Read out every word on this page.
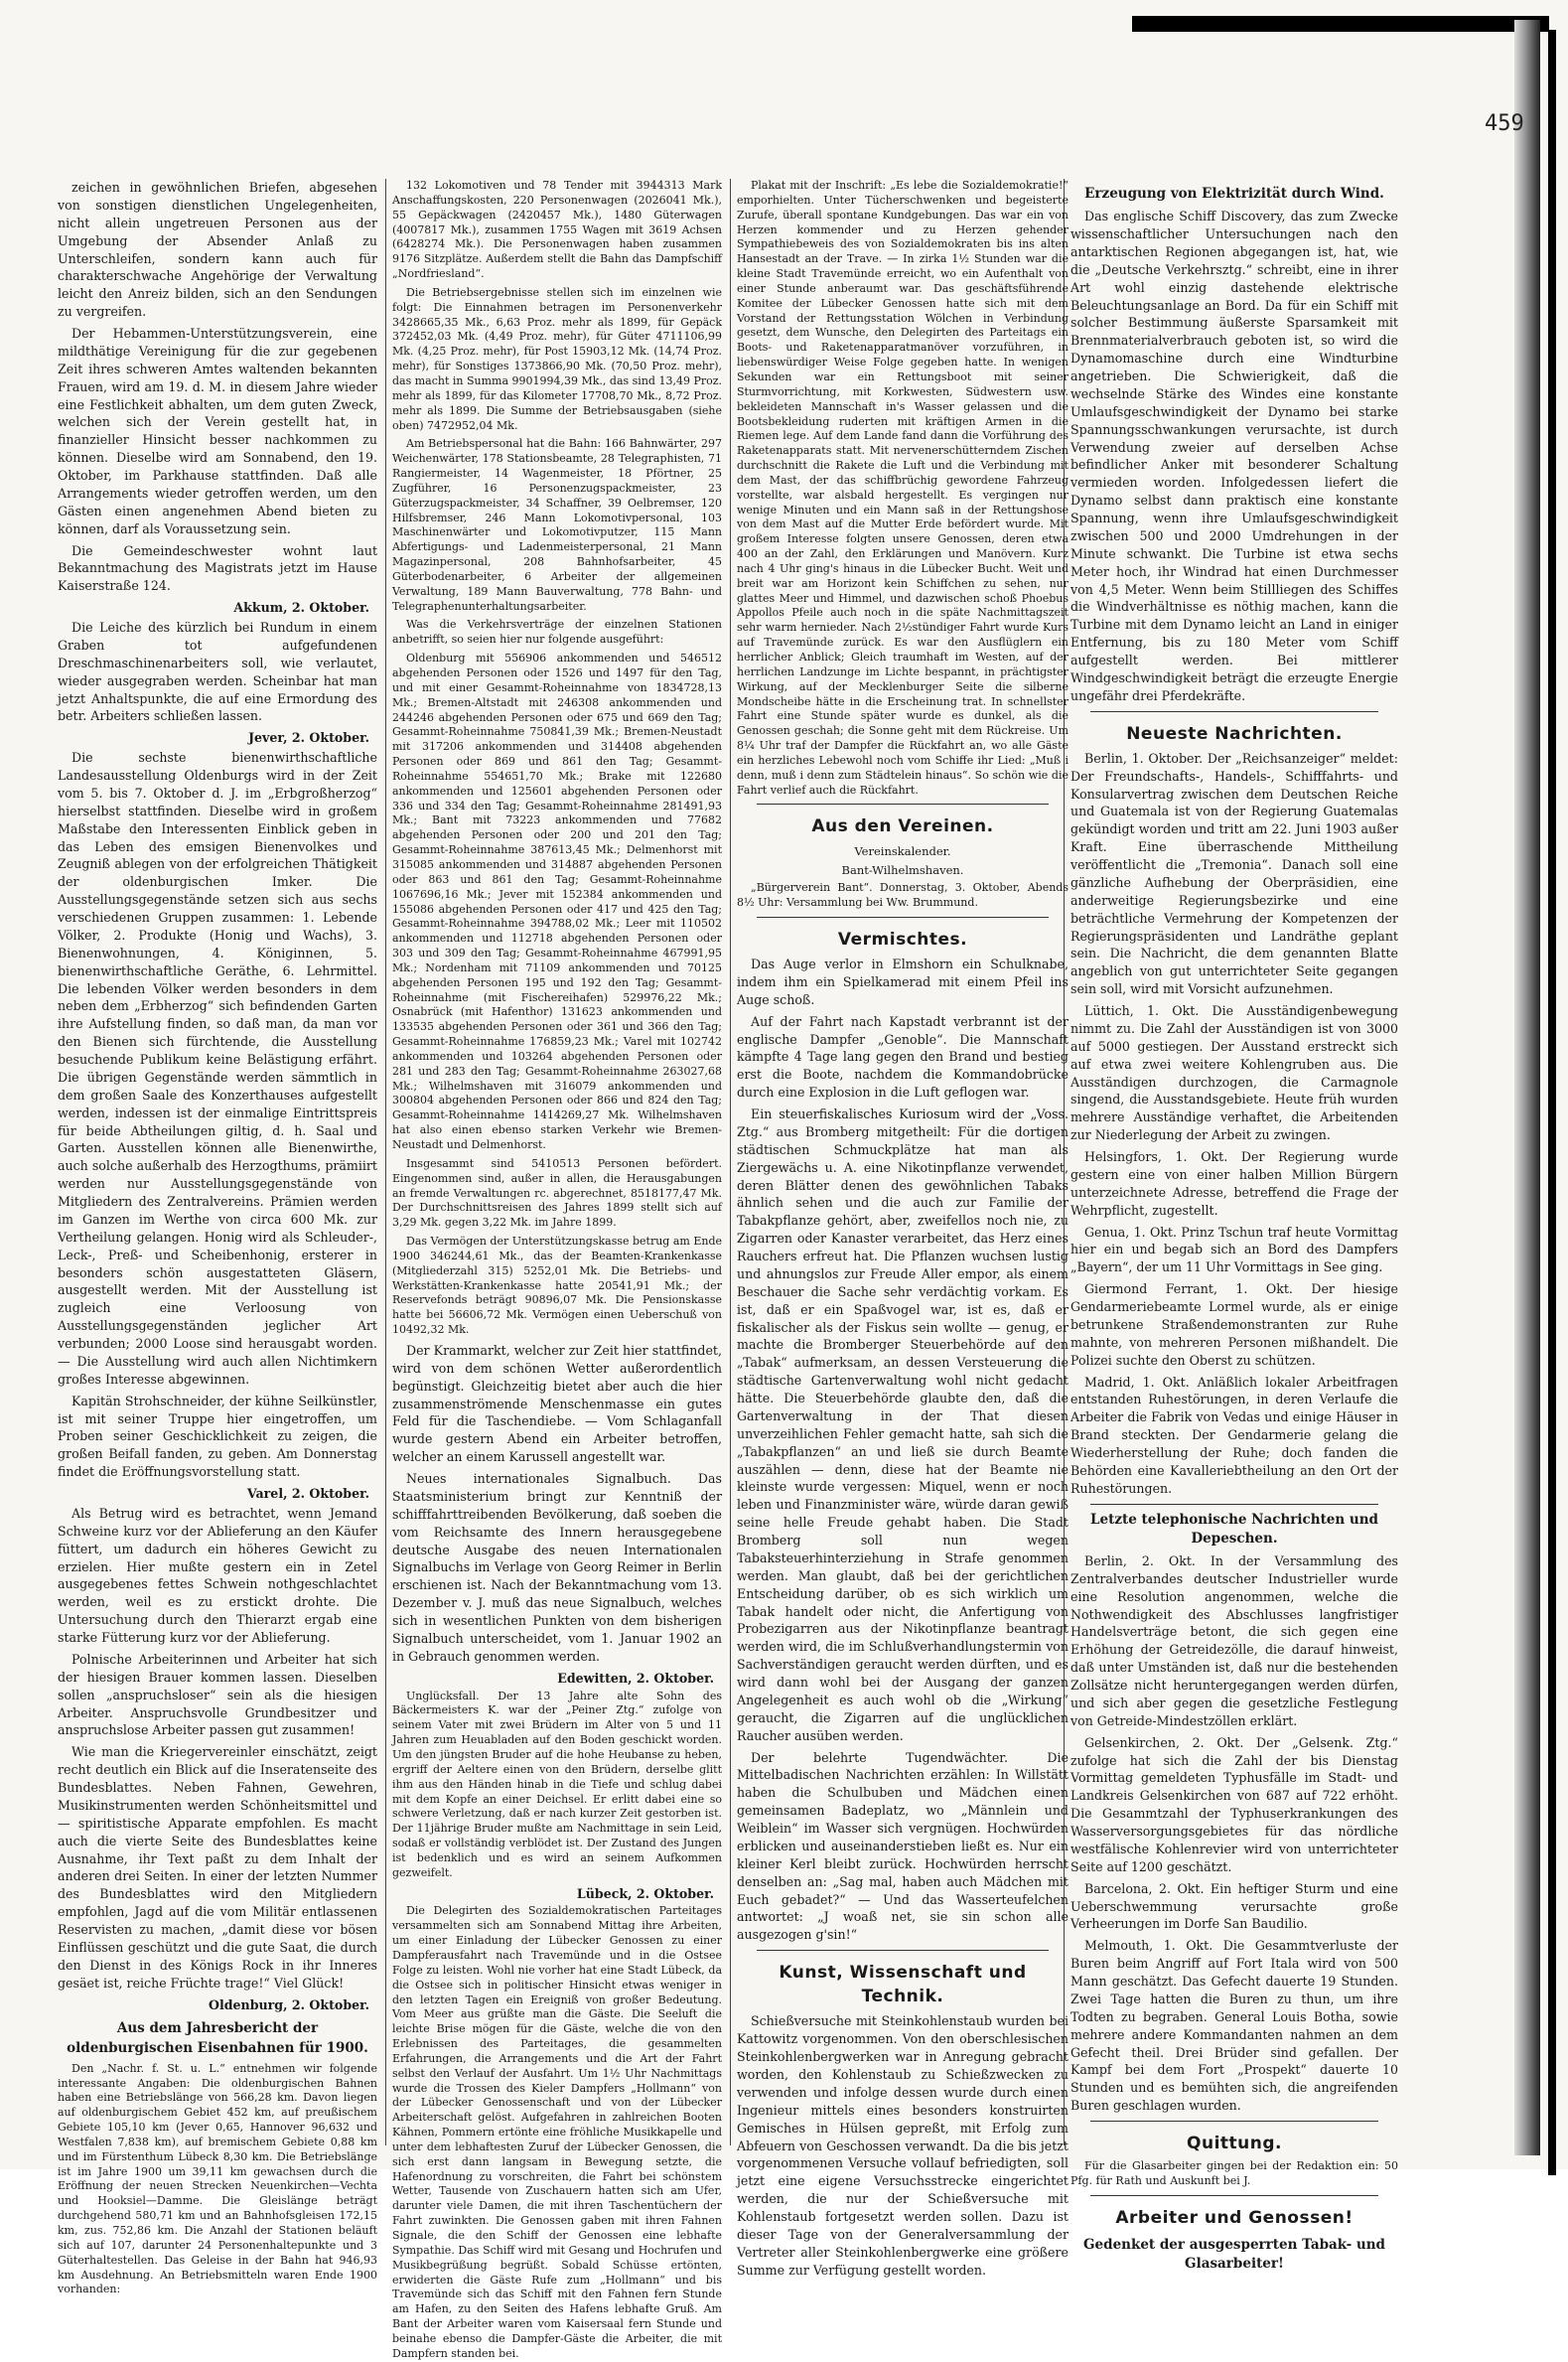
459

zeichen in gewöhnlichen Briefen, abgesehen von sonstigen dienstlichen Ungelegenheiten, nicht allein ungetreuen Personen aus der Umgebung der Absender Anlaß zu Unterschleifen, sondern kann auch für charakterschwache Angehörige der Verwaltung leicht den Anreiz bilden, sich an den Sendungen zu vergreifen.

Der Hebammen-Unterstützungsverein, eine mildthätige Vereinigung für die zur gegebenen Zeit ihres schweren Amtes waltenden bekannten Frauen, wird am 19. d. M. in diesem Jahre wieder eine Festlichkeit abhalten, um dem guten Zweck, welchen sich der Verein gestellt hat, in finanzieller Hinsicht besser nachkommen zu können. Dieselbe wird am Sonnabend, den 19. Oktober, im Parkhause stattfinden. Daß alle Arrangements wieder getroffen werden, um den Gästen einen angenehmen Abend bieten zu können, darf als Voraussetzung sein.

Die Gemeindeschwester wohnt laut Bekanntmachung des Magistrats jetzt im Hause Kaiserstraße 124.

Akkum, 2. Oktober.

Die Leiche des kürzlich bei Rundum in einem Graben tot aufgefundenen Dreschmaschinenarbeiters soll, wie verlautet, wieder ausgegraben werden. Scheinbar hat man jetzt Anhaltspunkte, die auf eine Ermordung des betr. Arbeiters schließen lassen.

Jever, 2. Oktober.

Die sechste bienenwirthschaftliche Landesausstellung Oldenburgs wird in der Zeit vom 5. bis 7. Oktober d. J. im „Erbgroßherzog“ hierselbst stattfinden. Dieselbe wird in großem Maßstabe den Interessenten Einblick geben in das Leben des emsigen Bienenvolkes und Zeugniß ablegen von der erfolgreichen Thätigkeit der oldenburgischen Imker. Die Ausstellungsgegenstände setzen sich aus sechs verschiedenen Gruppen zusammen: 1. Lebende Völker, 2. Produkte (Honig und Wachs), 3. Bienenwohnungen, 4. Königinnen, 5. bienenwirthschaftliche Geräthe, 6. Lehrmittel. Die lebenden Völker werden besonders in dem neben dem „Erbherzog“ sich befindenden Garten ihre Aufstellung finden, so daß man, da man vor den Bienen sich fürchtende, die Ausstellung besuchende Publikum keine Belästigung erfährt. Die übrigen Gegenstände werden sämmtlich in dem großen Saale des Konzerthauses aufgestellt werden, indessen ist der einmalige Eintrittspreis für beide Abtheilungen giltig, d. h. Saal und Garten. Ausstellen können alle Bienenwirthe, auch solche außerhalb des Herzogthums, prämiirt werden nur Ausstellungsgegenstände von Mitgliedern des Zentralvereins. Prämien werden im Ganzen im Werthe von circa 600 Mk. zur Vertheilung gelangen. Honig wird als Schleuder-, Leck-, Preß- und Scheibenhonig, ersterer in besonders schön ausgestatteten Gläsern, ausgestellt werden. Mit der Ausstellung ist zugleich eine Verloosung von Ausstellungsgegenständen jeglicher Art verbunden; 2000 Loose sind herausgabt worden. — Die Ausstellung wird auch allen Nichtimkern großes Interesse abgewinnen.

Kapitän Strohschneider, der kühne Seilkünstler, ist mit seiner Truppe hier eingetroffen, um Proben seiner Geschicklichkeit zu zeigen, die großen Beifall fanden, zu geben. Am Donnerstag findet die Eröffnungsvorstellung statt.

Varel, 2. Oktober.

Als Betrug wird es betrachtet, wenn Jemand Schweine kurz vor der Ablieferung an den Käufer füttert, um dadurch ein höheres Gewicht zu erzielen. Hier mußte gestern ein in Zetel ausgegebenes fettes Schwein nothgeschlachtet werden, weil es zu erstickt drohte. Die Untersuchung durch den Thierarzt ergab eine starke Fütterung kurz vor der Ablieferung.

Polnische Arbeiterinnen und Arbeiter hat sich der hiesigen Brauer kommen lassen. Dieselben sollen „anspruchsloser“ sein als die hiesigen Arbeiter. Anspruchsvolle Grundbesitzer und anspruchslose Arbeiter passen gut zusammen!

Wie man die Kriegervereinler einschätzt, zeigt recht deutlich ein Blick auf die Inseratenseite des Bundesblattes. Neben Fahnen, Gewehren, Musikinstrumenten werden Schönheitsmittel und — spiritistische Apparate empfohlen. Es macht auch die vierte Seite des Bundesblattes keine Ausnahme, ihr Text paßt zu dem Inhalt der anderen drei Seiten. In einer der letzten Nummer des Bundesblattes wird den Mitgliedern empfohlen, Jagd auf die vom Militär entlassenen Reservisten zu machen, „damit diese vor bösen Einflüssen geschützt und die gute Saat, die durch den Dienst in des Königs Rock in ihr Inneres gesäet ist, reiche Früchte trage!“ Viel Glück!

Oldenburg, 2. Oktober.
Aus dem Jahresbericht der oldenburgischen Eisenbahnen für 1900.

Den „Nachr. f. St. u. L.“ entnehmen wir folgende interessante Angaben: Die oldenburgischen Bahnen haben eine Betriebslänge von 566,28 km. Davon liegen auf oldenburgischem Gebiet 452 km, auf preußischem Gebiete 105,10 km (Jever 0,65, Hannover 96,632 und Westfalen 7,838 km), auf bremischem Gebiete 0,88 km und im Fürstenthum Lübeck 8,30 km. Die Betriebslänge ist im Jahre 1900 um 39,11 km gewachsen durch die Eröffnung der neuen Strecken Neuenkirchen—Vechta und Hooksiel—Damme. Die Gleislänge beträgt durchgehend 580,71 km und an Bahnhofsgleisen 172,15 km, zus. 752,86 km. Die Anzahl der Stationen beläuft sich auf 107, darunter 24 Personenhaltepunkte und 3 Güterhaltestellen. Das Geleise in der Bahn hat 946,93 km Ausdehnung. An Betriebsmitteln waren Ende 1900 vorhanden:

132 Lokomotiven und 78 Tender mit 3944313 Mark Anschaffungskosten, 220 Personenwagen (2026041 Mk.), 55 Gepäckwagen (2420457 Mk.), 1480 Güterwagen (4007817 Mk.), zusammen 1755 Wagen mit 3619 Achsen (6428274 Mk.). Die Personenwagen haben zusammen 9176 Sitzplätze. Außerdem stellt die Bahn das Dampfschiff „Nordfriesland“.

Die Betriebsergebnisse stellen sich im einzelnen wie folgt: Die Einnahmen betragen im Personenverkehr 3428665,35 Mk., 6,63 Proz. mehr als 1899, für Gepäck 372452,03 Mk. (4,49 Proz. mehr), für Güter 4711106,99 Mk. (4,25 Proz. mehr), für Post 15903,12 Mk. (14,74 Proz. mehr), für Sonstiges 1373866,90 Mk. (70,50 Proz. mehr), das macht in Summa 9901994,39 Mk., das sind 13,49 Proz. mehr als 1899, für das Kilometer 17708,70 Mk., 8,72 Proz. mehr als 1899. Die Summe der Betriebsausgaben (siehe oben) 7472952,04 Mk.

Am Betriebspersonal hat die Bahn: 166 Bahnwärter, 297 Weichenwärter, 178 Stationsbeamte, 28 Telegraphisten, 71 Rangiermeister, 14 Wagenmeister, 18 Pförtner, 25 Zugführer, 16 Personenzugspackmeister, 23 Güterzugspackmeister, 34 Schaffner, 39 Oelbremser, 120 Hilfsbremser, 246 Mann Lokomotivpersonal, 103 Maschinenwärter und Lokomotivputzer, 115 Mann Abfertigungs- und Ladenmeisterpersonal, 21 Mann Magazinpersonal, 208 Bahnhofsarbeiter, 45 Güterbodenarbeiter, 6 Arbeiter der allgemeinen Verwaltung, 189 Mann Bauverwaltung, 778 Bahn- und Telegraphenunterhaltungsarbeiter.

Was die Verkehrsverträge der einzelnen Stationen anbetrifft, so seien hier nur folgende ausgeführt:

Oldenburg mit 556906 ankommenden und 546512 abgehenden Personen oder 1526 und 1497 für den Tag, und mit einer Gesammt-Roheinnahme von 1834728,13 Mk.; Bremen-Altstadt mit 246308 ankommenden und 244246 abgehenden Personen oder 675 und 669 den Tag; Gesammt-Roheinnahme 750841,39 Mk.; Bremen-Neustadt mit 317206 ankommenden und 314408 abgehenden Personen oder 869 und 861 den Tag; Gesammt-Roheinnahme 554651,70 Mk.; Brake mit 122680 ankommenden und 125601 abgehenden Personen oder 336 und 334 den Tag; Gesammt-Roheinnahme 281491,93 Mk.; Bant mit 73223 ankommenden und 77682 abgehenden Personen oder 200 und 201 den Tag; Gesammt-Roheinnahme 387613,45 Mk.; Delmenhorst mit 315085 ankommenden und 314887 abgehenden Personen oder 863 und 861 den Tag; Gesammt-Roheinnahme 1067696,16 Mk.; Jever mit 152384 ankommenden und 155086 abgehenden Personen oder 417 und 425 den Tag; Gesammt-Roheinnahme 394788,02 Mk.; Leer mit 110502 ankommenden und 112718 abgehenden Personen oder 303 und 309 den Tag; Gesammt-Roheinnahme 467991,95 Mk.; Nordenham mit 71109 ankommenden und 70125 abgehenden Personen 195 und 192 den Tag; Gesammt-Roheinnahme (mit Fischereihafen) 529976,22 Mk.; Osnabrück (mit Hafenthor) 131623 ankommenden und 133535 abgehenden Personen oder 361 und 366 den Tag; Gesammt-Roheinnahme 176859,23 Mk.; Varel mit 102742 ankommenden und 103264 abgehenden Personen oder 281 und 283 den Tag; Gesammt-Roheinnahme 263027,68 Mk.; Wilhelmshaven mit 316079 ankommenden und 300804 abgehenden Personen oder 866 und 824 den Tag; Gesammt-Roheinnahme 1414269,27 Mk. Wilhelmshaven hat also einen ebenso starken Verkehr wie Bremen-Neustadt und Delmenhorst.

Insgesammt sind 5410513 Personen befördert. Eingenommen sind, außer in allen, die Herausgabungen an fremde Verwaltungen rc. abgerechnet, 8518177,47 Mk. Der Durchschnittsreisen des Jahres 1899 stellt sich auf 3,29 Mk. gegen 3,22 Mk. im Jahre 1899.

Das Vermögen der Unterstützungskasse betrug am Ende 1900 346244,61 Mk., das der Beamten-Krankenkasse (Mitgliederzahl 315) 5252,01 Mk. Die Betriebs- und Werkstätten-Krankenkasse hatte 20541,91 Mk.; der Reservefonds beträgt 90896,07 Mk. Die Pensionskasse hatte bei 56606,72 Mk. Vermögen einen Ueberschuß von 10492,32 Mk.

Der Krammarkt, welcher zur Zeit hier stattfindet, wird von dem schönen Wetter außerordentlich begünstigt. Gleichzeitig bietet aber auch die hier zusammenströmende Menschenmasse ein gutes Feld für die Taschendiebe. — Vom Schlaganfall wurde gestern Abend ein Arbeiter betroffen, welcher an einem Karussell angestellt war.

Neues internationales Signalbuch. Das Staatsministerium bringt zur Kenntniß der schifffahrttreibenden Bevölkerung, daß soeben die vom Reichsamte des Innern herausgegebene deutsche Ausgabe des neuen Internationalen Signalbuchs im Verlage von Georg Reimer in Berlin erschienen ist. Nach der Bekanntmachung vom 13. Dezember v. J. muß das neue Signalbuch, welches sich in wesentlichen Punkten von dem bisherigen Signalbuch unterscheidet, vom 1. Januar 1902 an in Gebrauch genommen werden.

Edewitten, 2. Oktober.

Unglücksfall. Der 13 Jahre alte Sohn des Bäckermeisters K. war der „Peiner Ztg.“ zufolge von seinem Vater mit zwei Brüdern im Alter von 5 und 11 Jahren zum Heuabladen auf den Boden geschickt worden. Um den jüngsten Bruder auf die hohe Heubanse zu heben, ergriff der Aeltere einen von den Brüdern, derselbe glitt ihm aus den Händen hinab in die Tiefe und schlug dabei mit dem Kopfe an einer Deichsel. Er erlitt dabei eine so schwere Verletzung, daß er nach kurzer Zeit gestorben ist. Der 11jährige Bruder mußte am Nachmittage in sein Leid, sodaß er vollständig verblödet ist. Der Zustand des Jungen ist bedenklich und es wird an seinem Aufkommen gezweifelt.

Lübeck, 2. Oktober.

Die Delegirten des Sozialdemokratischen Parteitages versammelten sich am Sonnabend Mittag ihre Arbeiten, um einer Einladung der Lübecker Genossen zu einer Dampferausfahrt nach Travemünde und in die Ostsee Folge zu leisten. Wohl nie vorher hat eine Stadt Lübeck, da die Ostsee sich in politischer Hinsicht etwas weniger in den letzten Tagen ein Ereigniß von großer Bedeutung. Vom Meer aus grüßte man die Gäste. Die Seeluft die leichte Brise mögen für die Gäste, welche die von den Erlebnissen des Parteitages, die gesammelten Erfahrungen, die Arrangements und die Art der Fahrt selbst den Verlauf der Ausfahrt. Um 1½ Uhr Nachmittags wurde die Trossen des Kieler Dampfers „Hollmann“ von der Lübecker Genossenschaft und von der Lübecker Arbeiterschaft gelöst. Aufgefahren in zahlreichen Booten Kähnen, Pommern ertönte eine fröhliche Musikkapelle und unter dem lebhaftesten Zuruf der Lübecker Genossen, die sich erst dann langsam in Bewegung setzte, die Hafenordnung zu vorschreiten, die Fahrt bei schönstem Wetter, Tausende von Zuschauern hatten sich am Ufer, darunter viele Damen, die mit ihren Taschentüchern der Fahrt zuwinkten. Die Genossen gaben mit ihren Fahnen Signale, die den Schiff der Genossen eine lebhafte Sympathie. Das Schiff wird mit Gesang und Hochrufen und Musikbegrüßung begrüßt. Sobald Schüsse ertönten, erwiderten die Gäste Rufe zum „Hollmann“ und bis Travemünde sich das Schiff mit den Fahnen fern Stunde am Hafen, zu den Seiten des Hafens lebhafte Gruß. Am Bant der Arbeiter waren vom Kaisersaal fern Stunde und beinahe ebenso die Dampfer-Gäste die Arbeiter, die mit Dampfern standen bei.

Plakat mit der Inschrift: „Es lebe die Sozialdemokratie!“ emporhielten. Unter Tücherschwenken und begeisterte Zurufe, überall spontane Kundgebungen. Das war ein von Herzen kommender und zu Herzen gehender Sympathiebeweis des von Sozialdemokraten bis ins alten Hansestadt an der Trave. — In zirka 1½ Stunden war die kleine Stadt Travemünde erreicht, wo ein Aufenthalt von einer Stunde anberaumt war. Das geschäftsführende Komitee der Lübecker Genossen hatte sich mit dem Vorstand der Rettungsstation Wölchen in Verbindung gesetzt, dem Wunsche, den Delegirten des Parteitags ein Boots- und Raketenapparatmanöver vorzuführen, in liebenswürdiger Weise Folge gegeben hatte. In wenigen Sekunden war ein Rettungsboot mit seiner Sturmvorrichtung, mit Korkwesten, Südwestern usw. bekleideten Mannschaft in's Wasser gelassen und die Bootsbekleidung ruderten mit kräftigen Armen in die Riemen lege. Auf dem Lande fand dann die Vorführung des Raketenapparats statt. Mit nervenerschütterndem Zischen durchschnitt die Rakete die Luft und die Verbindung mit dem Mast, der das schiffbrüchig gewordene Fahrzeug vorstellte, war alsbald hergestellt. Es vergingen nur wenige Minuten und ein Mann saß in der Rettungshose von dem Mast auf die Mutter Erde befördert wurde. Mit großem Interesse folgten unsere Genossen, deren etwa 400 an der Zahl, den Erklärungen und Manövern. Kurz nach 4 Uhr ging's hinaus in die Lübecker Bucht. Weit und breit war am Horizont kein Schiffchen zu sehen, nur glattes Meer und Himmel, und dazwischen schoß Phoebus Appollos Pfeile auch noch in die späte Nachmittagszeit sehr warm hernieder. Nach 2½stündiger Fahrt wurde Kurs auf Travemünde zurück. Es war den Ausflüglern ein herrlicher Anblick; Gleich traumhaft im Westen, auf der herrlichen Landzunge im Lichte bespannt, in prächtigster Wirkung, auf der Mecklenburger Seite die silberne Mondscheibe hätte in die Erscheinung trat. In schnellster Fahrt eine Stunde später wurde es dunkel, als die Genossen geschah; die Sonne geht mit dem Rückreise. Um 8¼ Uhr traf der Dampfer die Rückfahrt an, wo alle Gäste ein herzliches Lebewohl noch vom Schiffe ihr Lied: „Muß i denn, muß i denn zum Städtelein hinaus“. So schön wie die Fahrt verlief auch die Rückfahrt.

Aus den Vereinen.
Vereinskalender.
Bant-Wilhelmshaven.

„Bürgerverein Bant“. Donnerstag, 3. Oktober, Abends 8½ Uhr: Versammlung bei Ww. Brummund.

Vermischtes.

Das Auge verlor in Elmshorn ein Schulknabe, indem ihm ein Spielkamerad mit einem Pfeil ins Auge schoß.

Auf der Fahrt nach Kapstadt verbrannt ist der englische Dampfer „Genoble“. Die Mannschaft kämpfte 4 Tage lang gegen den Brand und bestieg erst die Boote, nachdem die Kommandobrücke durch eine Explosion in die Luft geflogen war.

Ein steuerfiskalisches Kuriosum wird der „Voss. Ztg.“ aus Bromberg mitgetheilt: Für die dortigen städtischen Schmuckplätze hat man als Ziergewächs u. A. eine Nikotinpflanze verwendet, deren Blätter denen des gewöhnlichen Tabaks ähnlich sehen und die auch zur Familie der Tabakpflanze gehört, aber, zweifellos noch nie, zu Zigarren oder Kanaster verarbeitet, das Herz eines Rauchers erfreut hat. Die Pflanzen wuchsen lustig und ahnungslos zur Freude Aller empor, als einem Beschauer die Sache sehr verdächtig vorkam. Es ist, daß er ein Spaßvogel war, ist es, daß er fiskalischer als der Fiskus sein wollte — genug, er machte die Bromberger Steuerbehörde auf den „Tabak“ aufmerksam, an dessen Versteuerung die städtische Gartenverwaltung wohl nicht gedacht hätte. Die Steuerbehörde glaubte den, daß die Gartenverwaltung in der That diesen unverzeihlichen Fehler gemacht hatte, sah sich die „Tabakpflanzen“ an und ließ sie durch Beamte auszählen — denn, diese hat der Beamte nie kleinste wurde vergessen: Miquel, wenn er noch leben und Finanzminister wäre, würde daran gewiß seine helle Freude gehabt haben. Die Stadt Bromberg soll nun wegen Tabaksteuerhinterziehung in Strafe genommen werden. Man glaubt, daß bei der gerichtlichen Entscheidung darüber, ob es sich wirklich um Tabak handelt oder nicht, die Anfertigung von Probezigarren aus der Nikotinpflanze beantragt werden wird, die im Schlußverhandlungstermin von Sachverständigen geraucht werden dürften, und es wird dann wohl bei der Ausgang der ganzen Angelegenheit es auch wohl ob die „Wirkung“ geraucht, die Zigarren auf die unglücklichen Raucher ausüben werden.

Der belehrte Tugendwächter. Die Mittelbadischen Nachrichten erzählen: In Willstätt haben die Schulbuben und Mädchen einen gemeinsamen Badeplatz, wo „Männlein und Weiblein“ im Wasser sich vergnügen. Hochwürden erblicken und auseinanderstieben ließt es. Nur ein kleiner Kerl bleibt zurück. Hochwürden herrscht denselben an: „Sag mal, haben auch Mädchen mit Euch gebadet?“ — Und das Wasserteufelchen antwortet: „J woaß net, sie sin schon alle ausgezogen g'sin!“

Kunst, Wissenschaft und Technik.

Schießversuche mit Steinkohlenstaub wurden bei Kattowitz vorgenommen. Von den oberschlesischen Steinkohlenbergwerken war in Anregung gebracht worden, den Kohlenstaub zu Schießzwecken zu verwenden und infolge dessen wurde durch einen Ingenieur mittels eines besonders konstruirten Gemisches in Hülsen gepreßt, mit Erfolg zum Abfeuern von Geschossen verwandt. Da die bis jetzt vorgenommenen Versuche vollauf befriedigten, soll jetzt eine eigene Versuchsstrecke eingerichtet werden, die nur der Schießversuche mit Kohlenstaub fortgesetzt werden sollen. Dazu ist dieser Tage von der Generalversammlung der Vertreter aller Steinkohlenbergwerke eine größere Summe zur Verfügung gestellt worden.

Erzeugung von Elektrizität durch Wind.

Das englische Schiff Discovery, das zum Zwecke wissenschaftlicher Untersuchungen nach den antarktischen Regionen abgegangen ist, hat, wie die „Deutsche Verkehrsztg.“ schreibt, eine in ihrer Art wohl einzig dastehende elektrische Beleuchtungsanlage an Bord. Da für ein Schiff mit solcher Bestimmung äußerste Sparsamkeit mit Brennmaterialverbrauch geboten ist, so wird die Dynamomaschine durch eine Windturbine angetrieben. Die Schwierigkeit, daß die wechselnde Stärke des Windes eine konstante Umlaufsgeschwindigkeit der Dynamo bei starke Spannungsschwankungen verursachte, ist durch Verwendung zweier auf derselben Achse befindlicher Anker mit besonderer Schaltung vermieden worden. Infolgedessen liefert die Dynamo selbst dann praktisch eine konstante Spannung, wenn ihre Umlaufsgeschwindigkeit zwischen 500 und 2000 Umdrehungen in der Minute schwankt. Die Turbine ist etwa sechs Meter hoch, ihr Windrad hat einen Durchmesser von 4,5 Meter. Wenn beim Stillliegen des Schiffes die Windverhältnisse es nöthig machen, kann die Turbine mit dem Dynamo leicht an Land in einiger Entfernung, bis zu 180 Meter vom Schiff aufgestellt werden. Bei mittlerer Windgeschwindigkeit beträgt die erzeugte Energie ungefähr drei Pferdekräfte.

Neueste Nachrichten.

Berlin, 1. Oktober. Der „Reichsanzeiger“ meldet: Der Freundschafts-, Handels-, Schifffahrts- und Konsularvertrag zwischen dem Deutschen Reiche und Guatemala ist von der Regierung Guatemalas gekündigt worden und tritt am 22. Juni 1903 außer Kraft. Eine überraschende Mittheilung veröffentlicht die „Tremonia“. Danach soll eine gänzliche Aufhebung der Oberpräsidien, eine anderweitige Regierungsbezirke und eine beträchtliche Vermehrung der Kompetenzen der Regierungspräsidenten und Landräthe geplant sein. Die Nachricht, die dem genannten Blatte angeblich von gut unterrichteter Seite gegangen sein soll, wird mit Vorsicht aufzunehmen.

Lüttich, 1. Okt. Die Ausständigenbewegung nimmt zu. Die Zahl der Ausständigen ist von 3000 auf 5000 gestiegen. Der Ausstand erstreckt sich auf etwa zwei weitere Kohlengruben aus. Die Ausständigen durchzogen, die Carmagnole singend, die Ausstandsgebiete. Heute früh wurden mehrere Ausständige verhaftet, die Arbeitenden zur Niederlegung der Arbeit zu zwingen.

Helsingfors, 1. Okt. Der Regierung wurde gestern eine von einer halben Million Bürgern unterzeichnete Adresse, betreffend die Frage der Wehrpflicht, zugestellt.

Genua, 1. Okt. Prinz Tschun traf heute Vormittag hier ein und begab sich an Bord des Dampfers „Bayern“, der um 11 Uhr Vormittags in See ging.

Giermond Ferrant, 1. Okt. Der hiesige Gendarmeriebeamte Lormel wurde, als er einige betrunkene Straßendemonstranten zur Ruhe mahnte, von mehreren Personen mißhandelt. Die Polizei suchte den Oberst zu schützen.

Madrid, 1. Okt. Anläßlich lokaler Arbeitfragen entstanden Ruhestörungen, in deren Verlaufe die Arbeiter die Fabrik von Vedas und einige Häuser in Brand steckten. Der Gendarmerie gelang die Wiederherstellung der Ruhe; doch fanden die Behörden eine Kavalleriebtheilung an den Ort der Ruhestörungen.

Letzte telephonische Nachrichten und Depeschen.

Berlin, 2. Okt. In der Versammlung des Zentralverbandes deutscher Industrieller wurde eine Resolution angenommen, welche die Nothwendigkeit des Abschlusses langfristiger Handelsverträge betont, die sich gegen eine Erhöhung der Getreidezölle, die darauf hinweist, daß unter Umständen ist, daß nur die bestehenden Zollsätze nicht heruntergegangen werden dürfen, und sich aber gegen die gesetzliche Festlegung von Getreide-Mindestzöllen erklärt.

Gelsenkirchen, 2. Okt. Der „Gelsenk. Ztg.“ zufolge hat sich die Zahl der bis Dienstag Vormittag gemeldeten Typhusfälle im Stadt- und Landkreis Gelsenkirchen von 687 auf 722 erhöht. Die Gesammtzahl der Typhuserkrankungen des Wasserversorgungsgebietes für das nördliche westfälische Kohlenrevier wird von unterrichteter Seite auf 1200 geschätzt.

Barcelona, 2. Okt. Ein heftiger Sturm und eine Ueberschwemmung verursachte große Verheerungen im Dorfe San Baudilio.

Melmouth, 1. Okt. Die Gesammtverluste der Buren beim Angriff auf Fort Itala wird von 500 Mann geschätzt. Das Gefecht dauerte 19 Stunden. Zwei Tage hatten die Buren zu thun, um ihre Todten zu begraben. General Louis Botha, sowie mehrere andere Kommandanten nahmen an dem Gefecht theil. Drei Brüder sind gefallen. Der Kampf bei dem Fort „Prospekt“ dauerte 10 Stunden und es bemühten sich, die angreifenden Buren geschlagen wurden.

Quittung.

Für die Glasarbeiter gingen bei der Redaktion ein: 50 Pfg. für Rath und Auskunft bei J.

Arbeiter und Genossen!
Gedenket der ausgesperrten Tabak- und Glasarbeiter!
